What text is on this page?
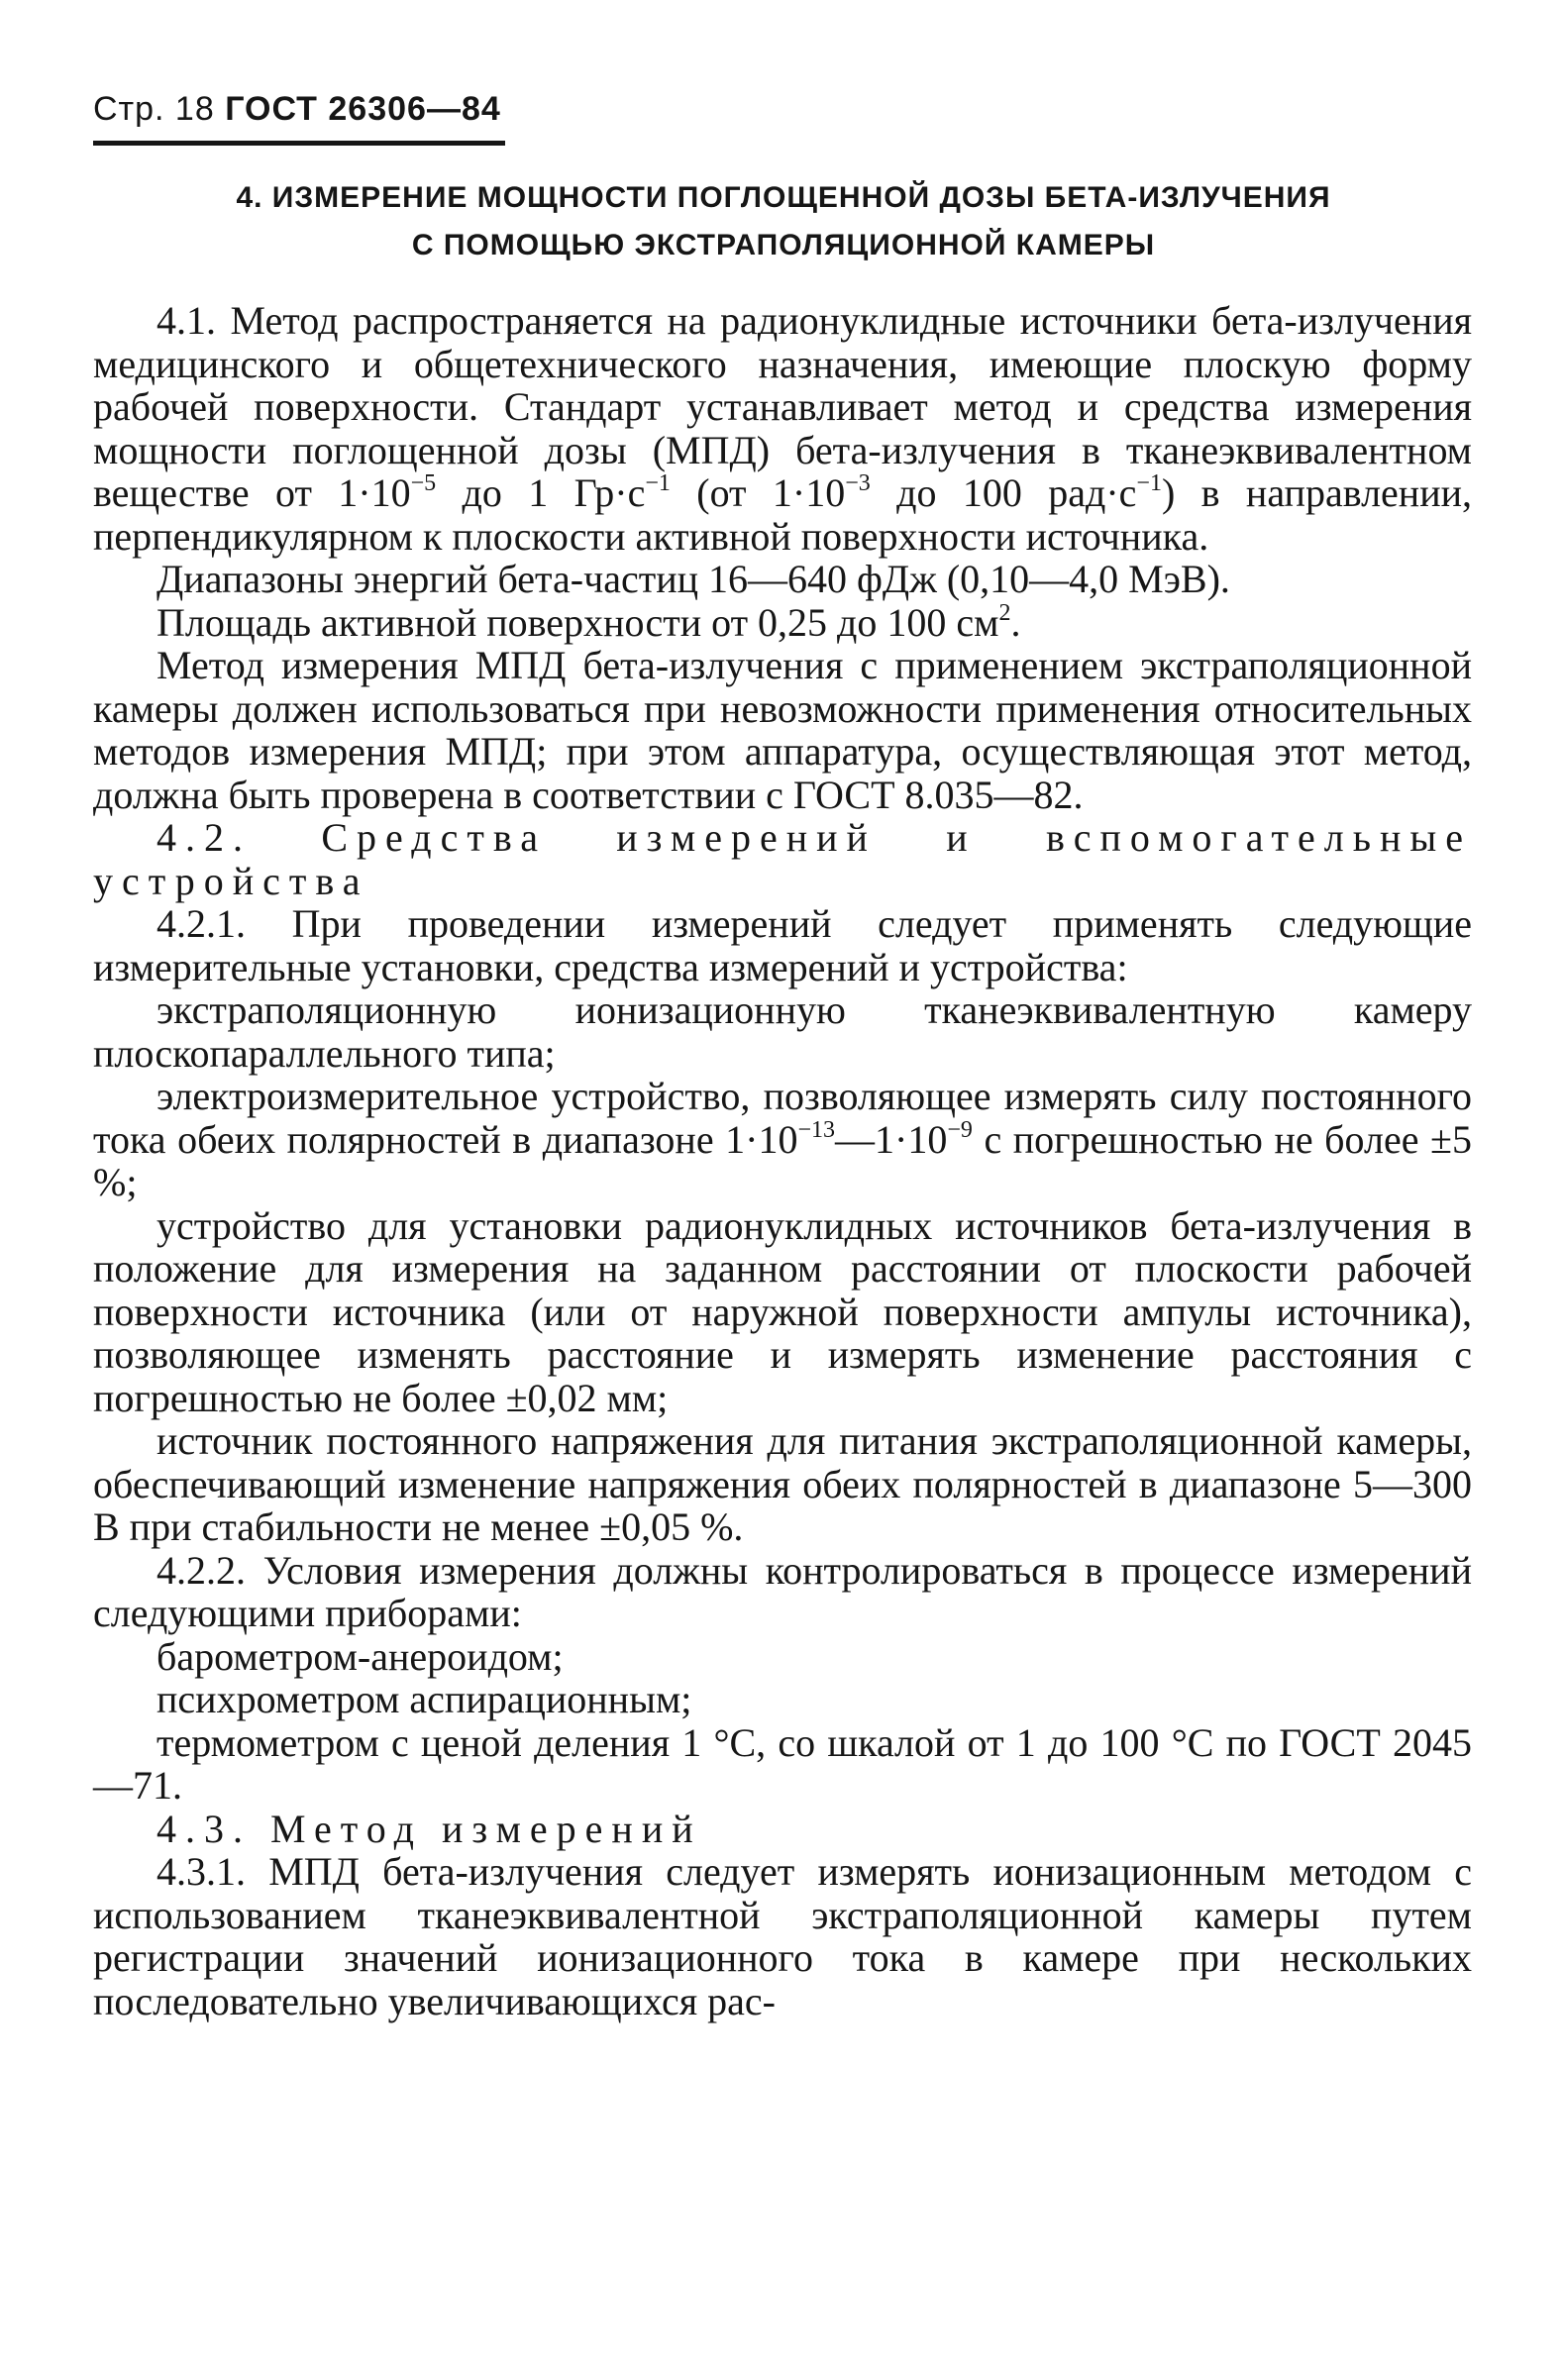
Стр. 18 ГОСТ 26306—84
4. ИЗМЕРЕНИЕ МОЩНОСТИ ПОГЛОЩЕННОЙ ДОЗЫ БЕТА-ИЗЛУЧЕНИЯ
С ПОМОЩЬЮ ЭКСТРАПОЛЯЦИОННОЙ КАМЕРЫ

4.1. Метод распространяется на радионуклидные источники бета-излучения медицинского и общетехнического назначения, имеющие плоскую форму рабочей поверхности. Стандарт устанавливает метод и средства измерения мощности поглощенной дозы (МПД) бета-излучения в тканеэквивалентном веществе от $1\cdot 10^{-5}$ до 1 $Гр\cdot с^{-1}$ (от $1\cdot 10^{-3}$ до 100 $рад\cdot с^{-1}$) в направлении, перпендикулярном к плоскости активной поверхности источника.

Диапазоны энергий бета-частиц 16—640 фДж (0,10—4,0 МэВ).

Площадь активной поверхности от 0,25 до 100 $см^2$.

Метод измерения МПД бета-излучения с применением экстраполяционной камеры должен использоваться при невозможности применения относительных методов измерения МПД; при этом аппаратура, осуществляющая этот метод, должна быть проверена в соответствии с ГОСТ 8.035—82.

4.2. Средства измерений и вспомогательные устройства

4.2.1. При проведении измерений следует применять следующие измерительные установки, средства измерений и устройства:

экстраполяционную ионизационную тканеэквивалентную камеру плоскопараллельного типа;

электроизмерительное устройство, позволяющее измерять силу постоянного тока обеих полярностей в диапазоне $1\cdot 10^{-13}—1\cdot 10^{-9}$ с погрешностью не более ±5 %;

устройство для установки радионуклидных источников бета-излучения в положение для измерения на заданном расстоянии от плоскости рабочей поверхности источника (или от наружной поверхности ампулы источника), позволяющее изменять расстояние и измерять изменение расстояния с погрешностью не более ±0,02 мм;

источник постоянного напряжения для питания экстраполяционной камеры, обеспечивающий изменение напряжения обеих полярностей в диапазоне 5—300 В при стабильности не менее ±0,05 %.

4.2.2. Условия измерения должны контролироваться в процессе измерений следующими приборами:

барометром-анероидом;

психрометром аспирационным;

термометром с ценой деления 1 °С, со шкалой от 1 до 100 °С по ГОСТ 2045—71.

4.3. Метод измерений

4.3.1. МПД бета-излучения следует измерять ионизационным методом с использованием тканеэквивалентной экстраполяционной камеры путем регистрации значений ионизационного тока в камере при нескольких последовательно увеличивающихся рас-
